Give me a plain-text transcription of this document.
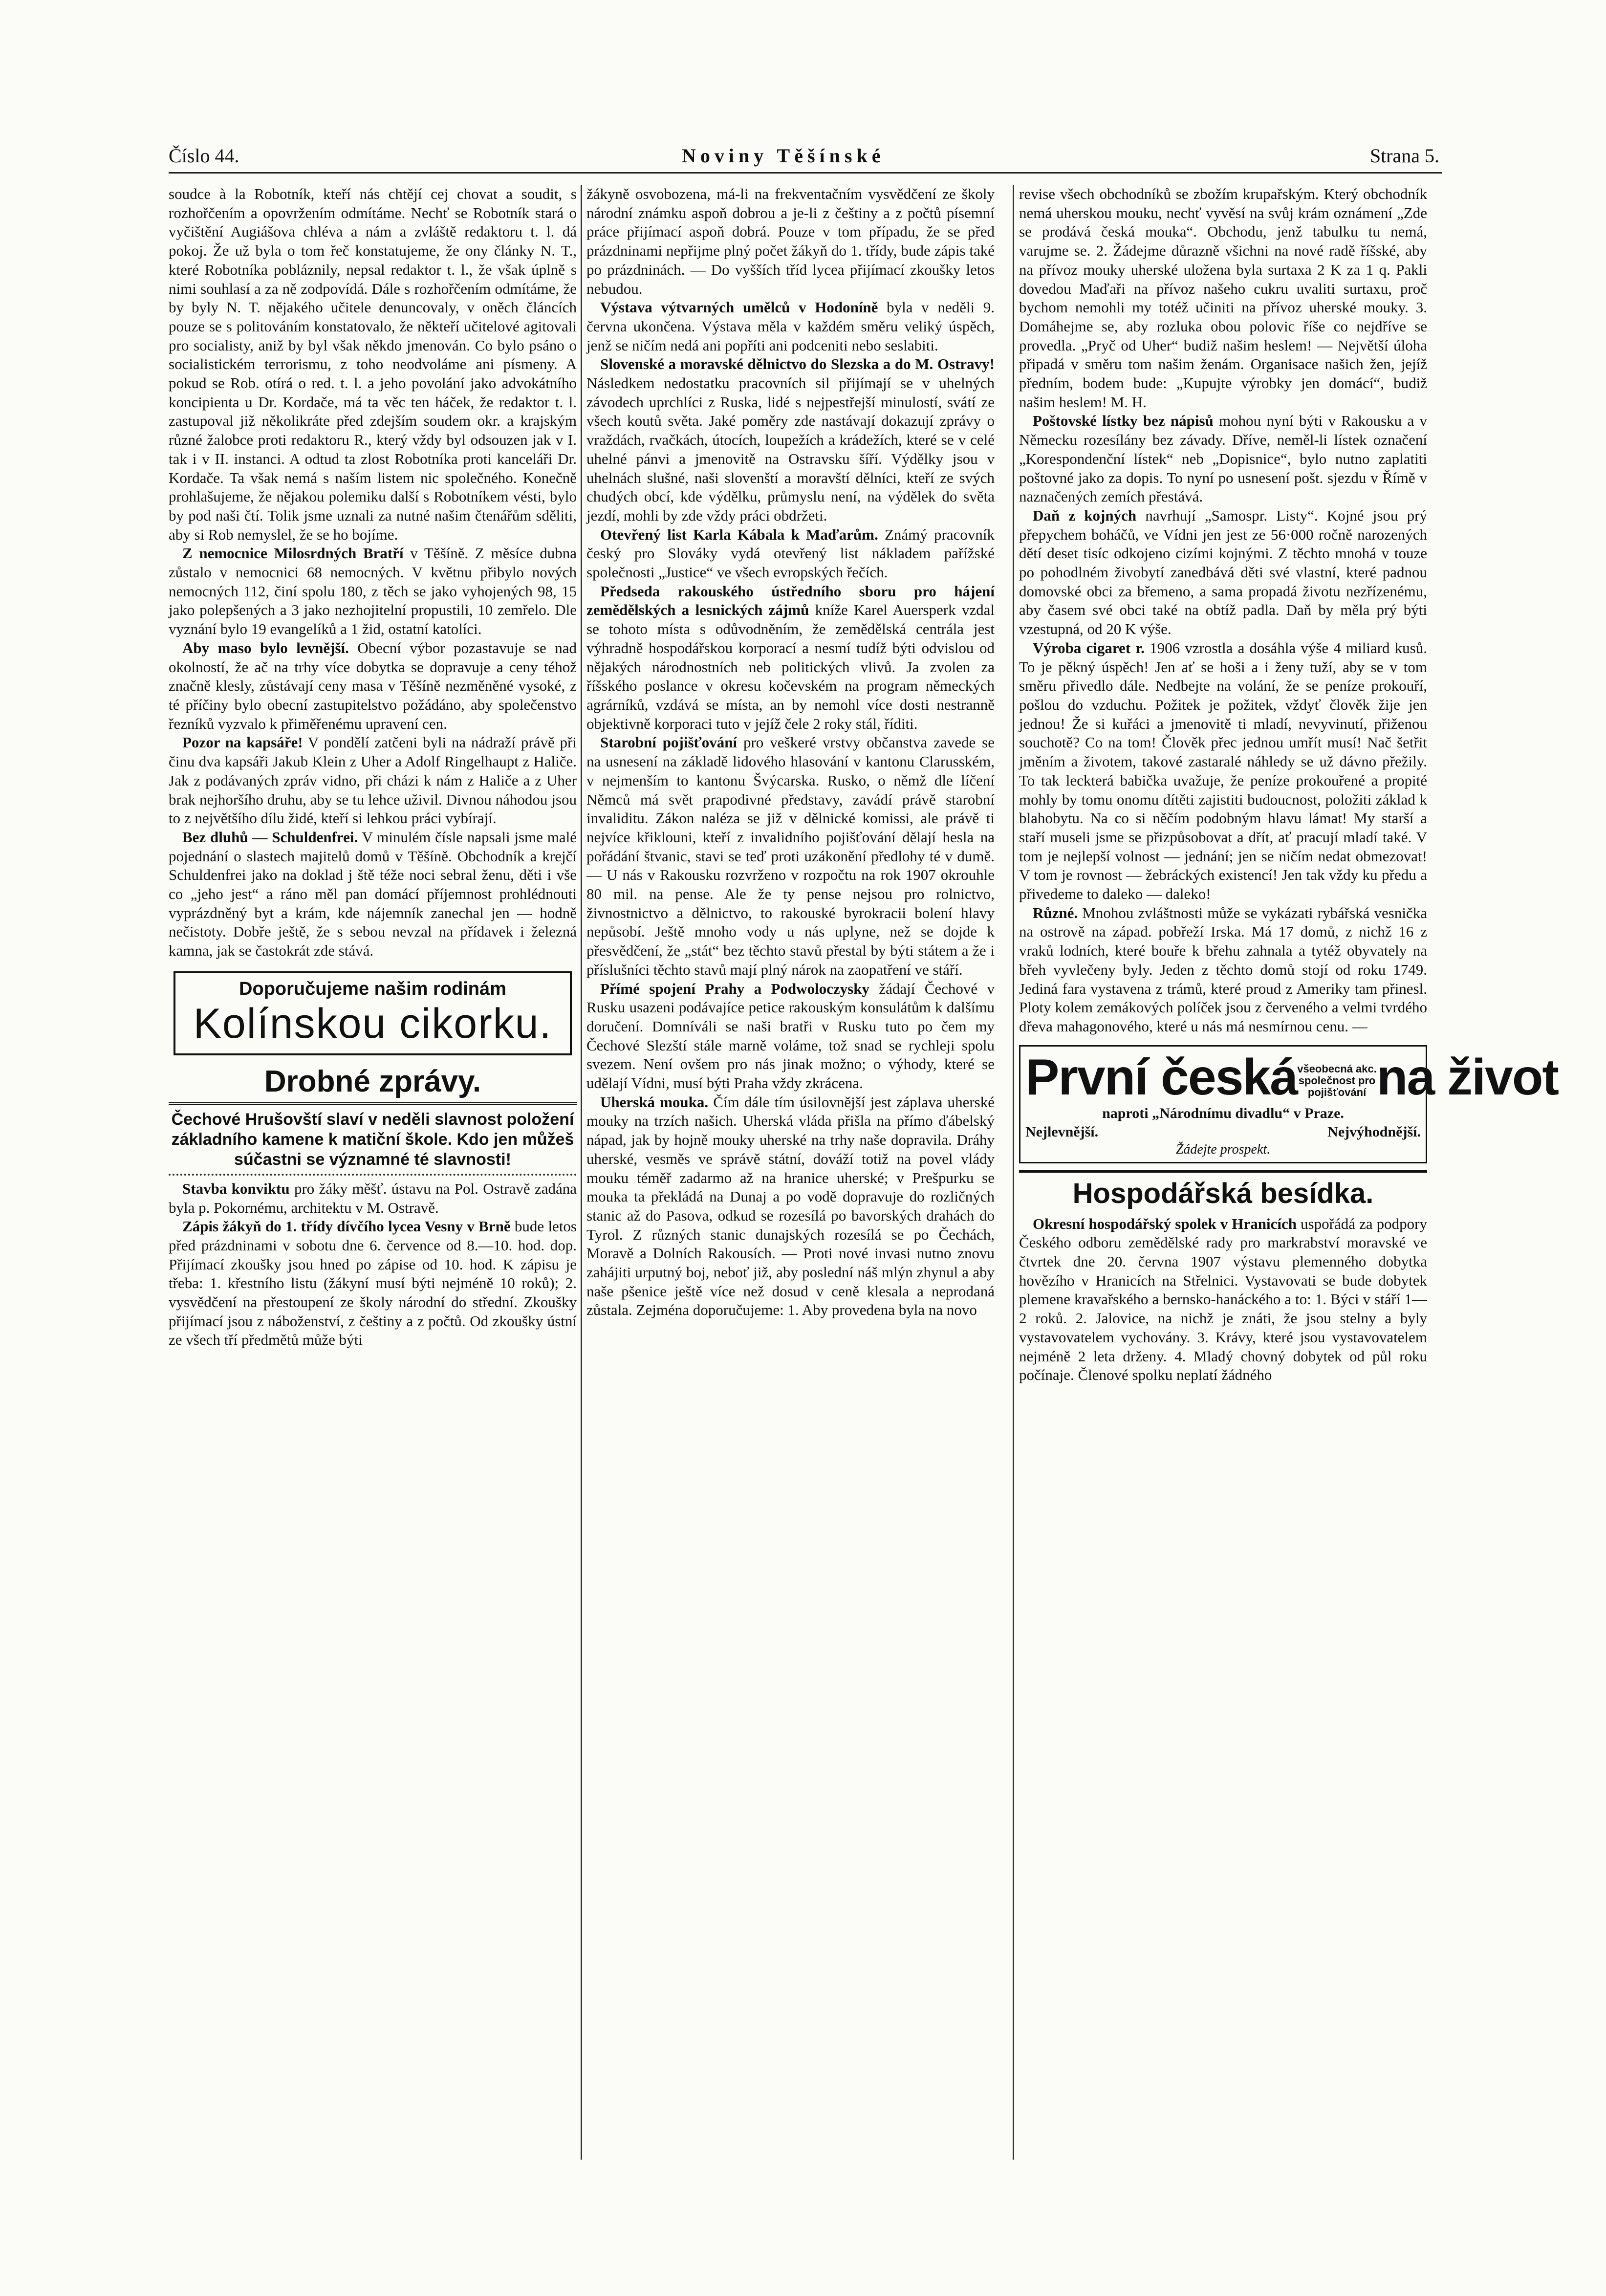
Číslo 44.	Noviny Těšínské	Strana 5.

soudce à la Robotník, kteří nás chtějí cej chovat a soudit, s rozhořčením a opovržením odmítáme. Nechť se Robotník stará o vyčištění Augiášova chléva a nám a zvláště redaktoru t. l. dá pokoj. Že už byla o tom řeč konstatujeme, že ony články N. T., které Robotníka pobláznily, nepsal redaktor t. l., že však úplně s nimi souhlasí a za ně zodpovídá. Dále s rozhořčením odmítáme, že by byly N. T. nějakého učitele denuncovaly, v oněch článcích pouze se s politováním konstatovalo, že někteří učitelové agitovali pro socialisty, aniž by byl však někdo jmenován. Co bylo psáno o socialistickém terrorismu, z toho neodvoláme ani písmeny. A pokud se Rob. otírá o red. t. l. a jeho povolání jako advokátního koncipienta u Dr. Kordače, má ta věc ten háček, že redaktor t. l. zastupoval již několikráte před zdejším soudem okr. a krajským různé žalobce proti redaktoru R., který vždy byl odsouzen jak v I. tak i v II. instanci. A odtud ta zlost Robotníka proti kanceláři Dr. Kordače. Ta však nemá s naším listem nic společného. Konečně prohlašujeme, že nějakou polemiku další s Robotníkem vésti, bylo by pod naši čtí. Tolik jsme uznali za nutné našim čtenářům sděliti, aby si Rob nemyslel, že se ho bojíme.

Z nemocnice Milosrdných Bratří v Těšíně. Z měsíce dubna zůstalo v nemocnici 68 nemocných. V květnu přibylo nových nemocných 112, činí spolu 180, z těch se jako vyhojených 98, 15 jako polepšených a 3 jako nezhojitelní propustili, 10 zemřelo. Dle vyznání bylo 19 evangelíků a 1 žid, ostatní katolíci.

Aby maso bylo levnější. Obecní výbor pozastavuje se nad okolností, že ač na trhy více dobytka se dopravuje a ceny téhož značně klesly, zůstávají ceny masa v Těšíně nezměněné vysoké, z té příčiny bylo obecní zastupitelstvo požádáno, aby společenstvo řezníků vyzvalo k přiměřenému upravení cen.

Pozor na kapsáře! V pondělí zatčeni byli na nádraží právě při činu dva kapsáři Jakub Klein z Uher a Adolf Ringelhaupt z Haliče. Jak z podávaných zpráv vidno, při cházi k nám z Haliče a z Uher brak nejhoršího druhu, aby se tu lehce uživil. Divnou náhodou jsou to z největšího dílu židé, kteří si lehkou práci vybírají.

Bez dluhů — Schuldenfrei. V minulém čísle napsali jsme malé pojednání o slastech majitelů domů v Těšíně. Obchodník a krejčí Schuldenfrei jako na doklad j ště téže noci sebral ženu, děti i vše co „jeho jest“ a ráno měl pan domácí příjemnost prohlédnouti vyprázdněný byt a krám, kde nájemník zanechal jen — hodně nečistoty. Dobře ještě, že s sebou nevzal na přídavek i železná kamna, jak se častokrát zde stává.

Doporučujeme našim rodinám
Kolínskou cikorku.
Drobné zprávy.
Čechové Hrušovští slaví v neděli slavnost položení základního kamene k matiční škole. Kdo jen můžeš súčastni se významné té slavnosti!

Stavba konviktu pro žáky měšť. ústavu na Pol. Ostravě zadána byla p. Pokornému, architektu v M. Ostravě.

Zápis žákyň do 1. třídy dívčího lycea Vesny v Brně bude letos před prázdninami v sobotu dne 6. července od 8.—10. hod. dop. Přijímací zkoušky jsou hned po zápise od 10. hod. K zápisu je třeba: 1. křestního listu (žákyní musí býti nejméně 10 roků); 2. vysvědčení na přestoupení ze školy národní do střední. Zkoušky přijímací jsou z náboženství, z češtiny a z počtů. Od zkoušky ústní ze všech tří předmětů může býti

žákyně osvobozena, má-li na frekventačním vysvědčení ze školy národní známku aspoň dobrou a je-li z češtiny a z počtů písemní práce přijímací aspoň dobrá. Pouze v tom případu, že se před prázdninami nepřijme plný počet žákyň do 1. třídy, bude zápis také po prázdninách. — Do vyšších tříd lycea přijímací zkoušky letos nebudou.

Výstava výtvarných umělců v Hodoníně byla v neděli 9. června ukončena. Výstava měla v každém směru veliký úspěch, jenž se ničím nedá ani popříti ani podceniti nebo seslabiti.

Slovenské a moravské dělnictvo do Slezska a do M. Ostravy! Následkem nedostatku pracovních sil přijímají se v uhelných závodech uprchlíci z Ruska, lidé s nejpestřejší minulostí, svátí ze všech koutů světa. Jaké poměry zde nastávají dokazují zprávy o vraždách, rvačkách, útocích, loupežích a krádežích, které se v celé uhelné pánvi a jmenovitě na Ostravsku šíří. Výdělky jsou v uhelnách slušné, naši slovenští a moravští dělníci, kteří ze svých chudých obcí, kde výdělku, průmyslu není, na výdělek do světa jezdí, mohli by zde vždy práci obdržeti.

Otevřený list Karla Kábala k Maďarům. Známý pracovník český pro Slováky vydá otevřený list nákladem pařížské společnosti „Justice“ ve všech evropských řečích.

Předseda rakouského ústředního sboru pro hájení zemědělských a lesnických zájmů kníže Karel Auersperk vzdal se tohoto místa s odůvodněním, že zemědělská centrála jest výhradně hospodářskou korporací a nesmí tudíž býti odvislou od nějakých národnostních neb politických vlivů. Ja zvolen za říšského poslance v okresu kočevském na program německých agrárníků, vzdává se místa, an by nemohl více dosti nestranně objektivně korporaci tuto v jejíž čele 2 roky stál, říditi.

Starobní pojišťování pro veškeré vrstvy občanstva zavede se na usnesení na základě lidového hlasování v kantonu Clarusském, v nejmenším to kantonu Švýcarska. Rusko, o němž dle líčení Němců má svět prapodivné představy, zavádí právě starobní invaliditu. Zákon naléza se již v dělnické komissi, ale právě ti nejvíce křiklouni, kteří z invalidního pojišťování dělají hesla na pořádání štvanic, stavi se teď proti uzákonění předlohy té v dumě. — U nás v Rakousku rozvrženo v rozpočtu na rok 1907 okrouhle 80 mil. na pense. Ale že ty pense nejsou pro rolnictvo, živnostnictvo a dělnictvo, to rakouské byrokracii bolení hlavy nepůsobí. Ještě mnoho vody u nás uplyne, než se dojde k přesvědčení, že „stát“ bez těchto stavů přestal by býti státem a že i příslušníci těchto stavů mají plný nárok na zaopatření ve stáří.

Přímé spojení Prahy a Podwoloczysky žádají Čechové v Rusku usazeni podávajíce petice rakouským konsulátům k dalšímu doručení. Domníváli se naši bratři v Rusku tuto po čem my Čechové Slezští stále marně voláme, tož snad se rychleji spolu svezem. Není ovšem pro nás jinak možno; o výhody, které se udělají Vídni, musí býti Praha vždy zkrácena.

Uherská mouka. Čím dále tím úsilovnější jest záplava uherské mouky na trzích našich. Uherská vláda přišla na přímo ďábelský nápad, jak by hojně mouky uherské na trhy naše dopravila. Dráhy uherské, vesměs ve správě státní, dováží totiž na povel vlády mouku téměř zadarmo až na hranice uherské; v Prešpurku se mouka ta překládá na Dunaj a po vodě dopravuje do rozličných stanic až do Pasova, odkud se rozesílá po bavorských drahách do Tyrol. Z různých stanic dunajských rozesílá se po Čechách, Moravě a Dolních Rakousích. — Proti nové invasi nutno znovu zahájiti urputný boj, neboť již, aby poslední náš mlýn zhynul a aby naše pšenice ještě více než dosud v ceně klesala a neprodaná zůstala. Zejména doporučujeme: 1. Aby provedena byla na novo

revise všech obchodníků se zbožím krupařským. Který obchodník nemá uherskou mouku, nechť vyvěsí na svůj krám oznámení „Zde se prodává česká mouka“. Obchodu, jenž tabulku tu nemá, varujme se. 2. Žádejme důrazně všichni na nové radě říšské, aby na přívoz mouky uherské uložena byla surtaxa 2 K za 1 q. Pakli dovedou Maďaři na přívoz našeho cukru uvaliti surtaxu, proč bychom nemohli my totéž učiniti na přívoz uherské mouky. 3. Domáhejme se, aby rozluka obou polovic říše co nejdříve se provedla. „Pryč od Uher“ budiž našim heslem! — Největší úloha připadá v směru tom našim ženám. Organisace našich žen, jejíž předním, bodem bude: „Kupujte výrobky jen domácí“, budiž našim heslem! M. H.

Poštovské lístky bez nápisů mohou nyní býti v Rakousku a v Německu rozesílány bez závady. Dříve, neměl-li lístek označení „Korespondenční lístek“ neb „Dopisnice“, bylo nutno zaplatiti poštovné jako za dopis. To nyní po usnesení pošt. sjezdu v Římě v naznačených zemích přestává.

Daň z kojných navrhují „Samospr. Listy“. Kojné jsou prý přepychem boháčů, ve Vídni jen jest ze 56·000 ročně narozených dětí deset tisíc odkojeno cizími kojnými. Z těchto mnohá v touze po pohodlném živobytí zanedbává děti své vlastní, které padnou domovské obci za břemeno, a sama propadá životu nezřízenému, aby časem své obci také na obtíž padla. Daň by měla prý býti vzestupná, od 20 K výše.

Výroba cigaret r. 1906 vzrostla a dosáhla výše 4 miliard kusů. To je pěkný úspěch! Jen ať se hoši a i ženy tuží, aby se v tom směru přivedlo dále. Nedbejte na volání, že se peníze prokouří, pošlou do vzduchu. Požitek je požitek, vždyť člověk žije jen jednou! Že si kuřáci a jmenovitě ti mladí, nevyvinutí, přiženou souchotě? Co na tom! Člověk přec jednou umřít musí! Nač šetřit jměním a životem, takové zastaralé náhledy se už dávno přežily. To tak leckterá babička uvažuje, že peníze prokouřené a propité mohly by tomu onomu dítěti zajistiti budoucnost, položiti základ k blahobytu. Na co si něčím podobným hlavu lámat! My starší a staří museli jsme se přizpůsobovat a dřít, ať pracují mladí také. V tom je nejlepší volnost — jednání; jen se ničím nedat obmezovat! V tom je rovnost — žebráckých existencí! Jen tak vždy ku předu a přivedeme to daleko — daleko!

Různé. Mnohou zvláštnosti může se vykázati rybářská vesnička na ostrově na západ. pobřeží Irska. Má 17 domů, z nichž 16 z vraků lodních, které bouře k břehu zahnala a tytéž obyvately na břeh vyvlečeny byly. Jeden z těchto domů stojí od roku 1749. Jediná fara vystavena z trámů, které proud z Ameriky tam přinesl. Ploty kolem zemákových políček jsou z červeného a velmi tvrdého dřeva mahagonového, které u nás má nesmírnou cenu. —

První českávšeobecná akc.
společnost pro
pojišťování na život
naproti „Národnímu divadlu“ v Praze.
Nejlevnější.	Nejvýhodnější.
Žádejte prospekt.
Hospodářská besídka.

Okresní hospodářský spolek v Hranicích uspořádá za podpory Českého odboru zemědělské rady pro markrabství moravské ve čtvrtek dne 20. června 1907 výstavu plemenného dobytka hovězího v Hranicích na Střelnici. Vystavovati se bude dobytek plemene kravařského a bernsko-hanáckého a to: 1. Býci v stáří 1—2 roků. 2. Jalovice, na nichž je znáti, že jsou stelny a byly vystavovatelem vychovány. 3. Krávy, které jsou vystavovatelem nejméně 2 leta drženy. 4. Mladý chovný dobytek od půl roku počínaje. Členové spolku neplatí žádného
